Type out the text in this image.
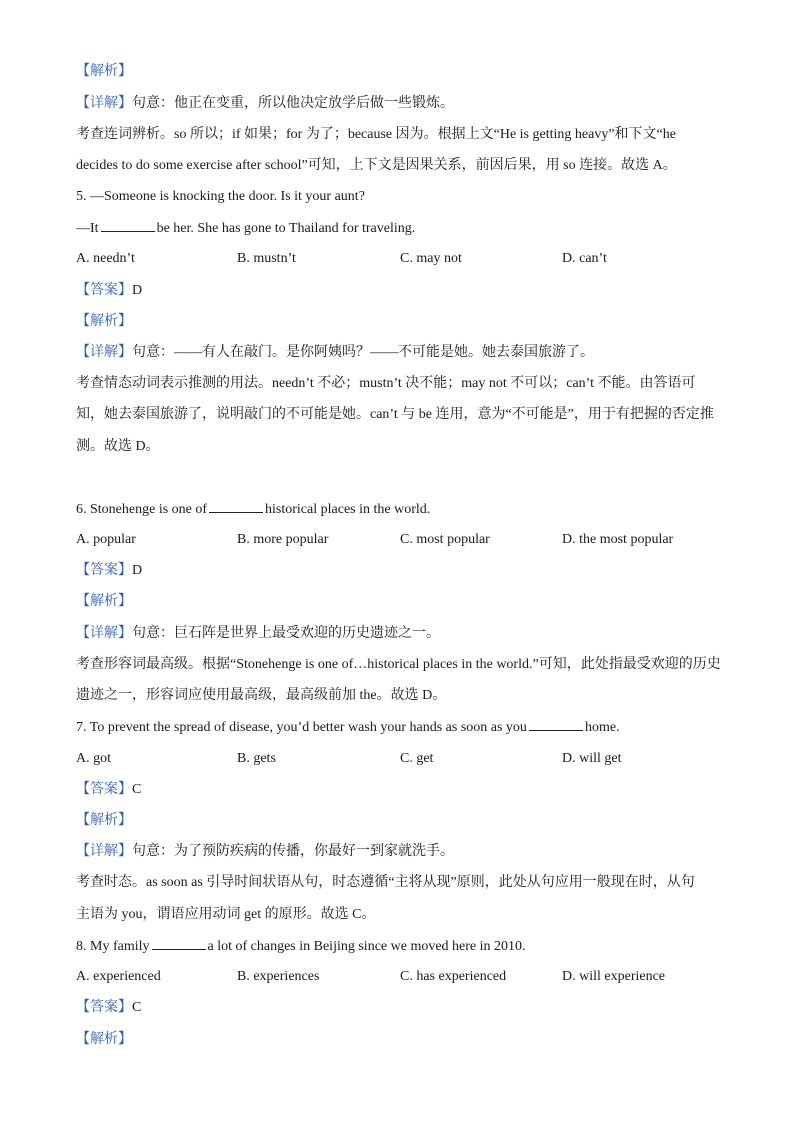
【解析】
【详解】句意：他正在变重，所以他决定放学后做一些锻炼。
考查连词辨析。so 所以；if 如果；for 为了；because 因为。根据上文“He is getting heavy”和下文“he
decides to do some exercise after school”可知，上下文是因果关系，前因后果，用 so 连接。故选 A。
5. —Someone is knocking the door. Is it your aunt?
—It	be her. She has gone to Thailand for traveling.
A. needn’t	B. mustn’t	C. may not	D. can’t
【答案】D
【解析】
【详解】句意：——有人在敲门。是你阿姨吗？——不可能是她。她去泰国旅游了。
考查情态动词表示推测的用法。needn’t 不必；mustn’t 决不能；may not 不可以；can’t 不能。由答语可
知，她去泰国旅游了，说明敲门的不可能是她。can’t 与 be 连用，意为“不可能是”，用于有把握的否定推
测。故选 D。
6. Stonehenge is one of	historical places in the world.
A. popular	B. more popular	C. most popular	D. the most popular
【答案】D
【解析】
【详解】句意：巨石阵是世界上最受欢迎的历史遗迹之一。
考查形容词最高级。根据“Stonehenge is one of…historical places in the world.”可知，此处指最受欢迎的历史
遗迹之一，形容词应使用最高级，最高级前加 the。故选 D。
7. To prevent the spread of disease, you’d better wash your hands as soon as you	home.
A. got	B. gets	C. get	D. will get
【答案】C
【解析】
【详解】句意：为了预防疾病的传播，你最好一到家就洗手。
考查时态。as soon as 引导时间状语从句，时态遵循“主将从现”原则，此处从句应用一般现在时，从句
主语为 you，谓语应用动词 get 的原形。故选 C。
8. My family	a lot of changes in Beijing since we moved here in 2010.
A. experienced	B. experiences	C. has experienced	D. will experience
【答案】C
【解析】
